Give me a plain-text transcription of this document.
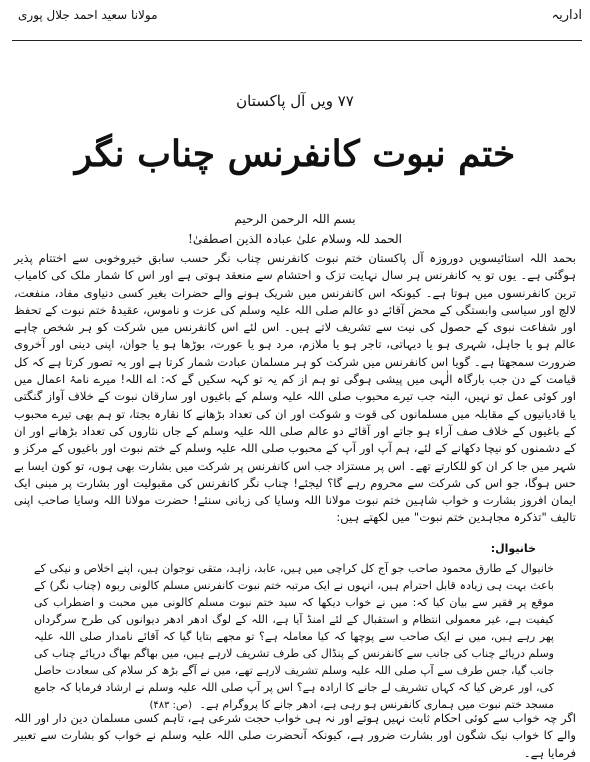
مولانا سعید احمد جلال پوری	اداریہ
۷۷ ویں آل پاکستان
ختم نبوت کانفرنس چناب نگر
بسم اللہ الرحمن الرحیم
الحمد للہ وسلام علیٰ عبادہ الذین اصطفیٰ!
بحمد اللہ استائیسویں دوروزہ آل پاکستان ختم نبوت کانفرنس چناب نگر حسب سابق خیروخوبی سے اختتام پذیر ہوگئی ہے۔ یوں تو یہ کانفرنس ہر سال نہایت تزک و احتشام سے منعقد ہوتی ہے اور اس کا شمار ملک کی کامیاب ترین کانفرنسوں میں ہوتا ہے۔ کیونکہ اس کانفرنس میں شریک ہونے والے حضرات بغیر کسی دنیاوی مفاد، منفعت، لالچ اور سیاسی وابستگی کے محض آقائے دو عالم صلی اللہ علیہ وسلم کی عزت و ناموس، عقیدۂ ختم نبوت کے تحفظ اور شفاعت نبوی کے حصول کی نیت سے تشریف لاتے ہیں۔ اس لئے اس کانفرنس میں شرکت کو ہر شخص چاہے عالم ہو یا جاہل، شہری ہو یا دیہاتی، تاجر ہو یا ملازم، مرد ہو یا عورت، بوڑھا ہو یا جوان، اپنی دینی اور آخروی ضرورت سمجھتا ہے۔ گویا اس کانفرنس میں شرکت کو ہر مسلمان عبادت شمار کرتا ہے اور یہ تصور کرتا ہے کہ کل قیامت کے دن جب بارگاہ الٰہی میں پیشی ہوگی تو ہم از کم یہ تو کہہ سکیں گے کہ: اے اللہ! میرے نامۂ اعمال میں اور کوئی عمل تو نہیں، البتہ جب تیرے محبوب صلی اللہ علیہ وسلم کے باغیوں اور سارقان نبوت کے خلاف آواز گنگتی یا قادیانیوں کے مقابلہ میں مسلمانوں کی قوت و شوکت اور ان کی تعداد بڑھانے کا نقارہ بجتا، تو ہم بھی تیرے محبوب کے باغیوں کے خلاف صف آراء ہو جاتے اور آقائے دو عالم صلی اللہ علیہ وسلم کے جاں نثاروں کی تعداد بڑھانے اور ان کے دشمنوں کو نیچا دکھانے کے لئے، ہم آپ اور آپ کے محبوب صلی اللہ علیہ وسلم کے ختم نبوت اور باغیوں کے مرکز و شہر میں جا کر ان کو للکارتے تھے۔ اس پر مستزاد جب اس کانفرنس پر شرکت میں بشارت بھی ہوں، تو کون ایسا بے حس ہوگا، جو اس کی شرکت سے محروم رہے گا؟ لیجئے! چناب نگر کانفرنس کی مقبولیت اور بشارت پر مبنی ایک ایمان افروز بشارت و خواب شاہین ختم نبوت مولانا اللہ وسایا کی زبانی سنئے! حضرت مولانا اللہ وسایا صاحب اپنی تالیف "تذکرہ مجاہدین ختم نبوت" میں لکھتے ہیں:
خانیوال:
خانیوال کے طارق محمود صاحب جو آج کل کراچی میں ہیں، عابد، زاہد، متقی نوجوان ہیں، اپنے اخلاص و نیکی کے باعث بہت ہی زیادہ قابل احترام ہیں، انہوں نے ایک مرتبہ ختم نبوت کانفرنس مسلم کالونی ربوہ (چناب نگر) کے موقع پر فقیر سے بیان کیا کہ: میں نے خواب دیکھا کہ سید ختم نبوت مسلم کالونی میں محبت و اضطراب کی کیفیت ہے، غیر معمولی انتظام و استقبال کے لئے امنڈ آیا ہے، اللہ کے لوگ ادھر ادھر دیوانوں کی طرح سرگرداں پھر رہے ہیں، میں نے ایک صاحب سے پوچھا کہ کیا معاملہ ہے؟ تو مجھے بتایا گیا کہ آقائے نامدار صلی اللہ علیہ وسلم دریائے چناب کی جانب سے کانفرنس کے پنڈال کی طرف تشریف لارہے ہیں، میں بھاگم بھاگ دریائے چناب کی جانب گیا، جس طرف سے آپ صلی اللہ علیہ وسلم تشریف لارہے تھے، میں نے آگے بڑھ کر سلام کی سعادت حاصل کی، اور عرض کیا کہ کہاں تشریف لے جانے کا ارادہ ہے؟ اس پر آپ صلی اللہ علیہ وسلم نے ارشاد فرمایا کہ جامع مسجد ختم نبوت میں ہماری کانفرنس ہو رہی ہے، ادھر جانے کا پروگرام ہے۔ (ص: ۴۸۳)
اگر چہ خواب سے کوئی احکام ثابت نہیں ہوتے اور نہ ہی خواب حجت شرعی ہے، تاہم کسی مسلمان دین دار اور اللہ والے کا خواب نیک شگون اور بشارت ضرور ہے، کیونکہ آنحضرت صلی اللہ علیہ وسلم نے خواب کو بشارت سے تعبیر فرمایا ہے۔
